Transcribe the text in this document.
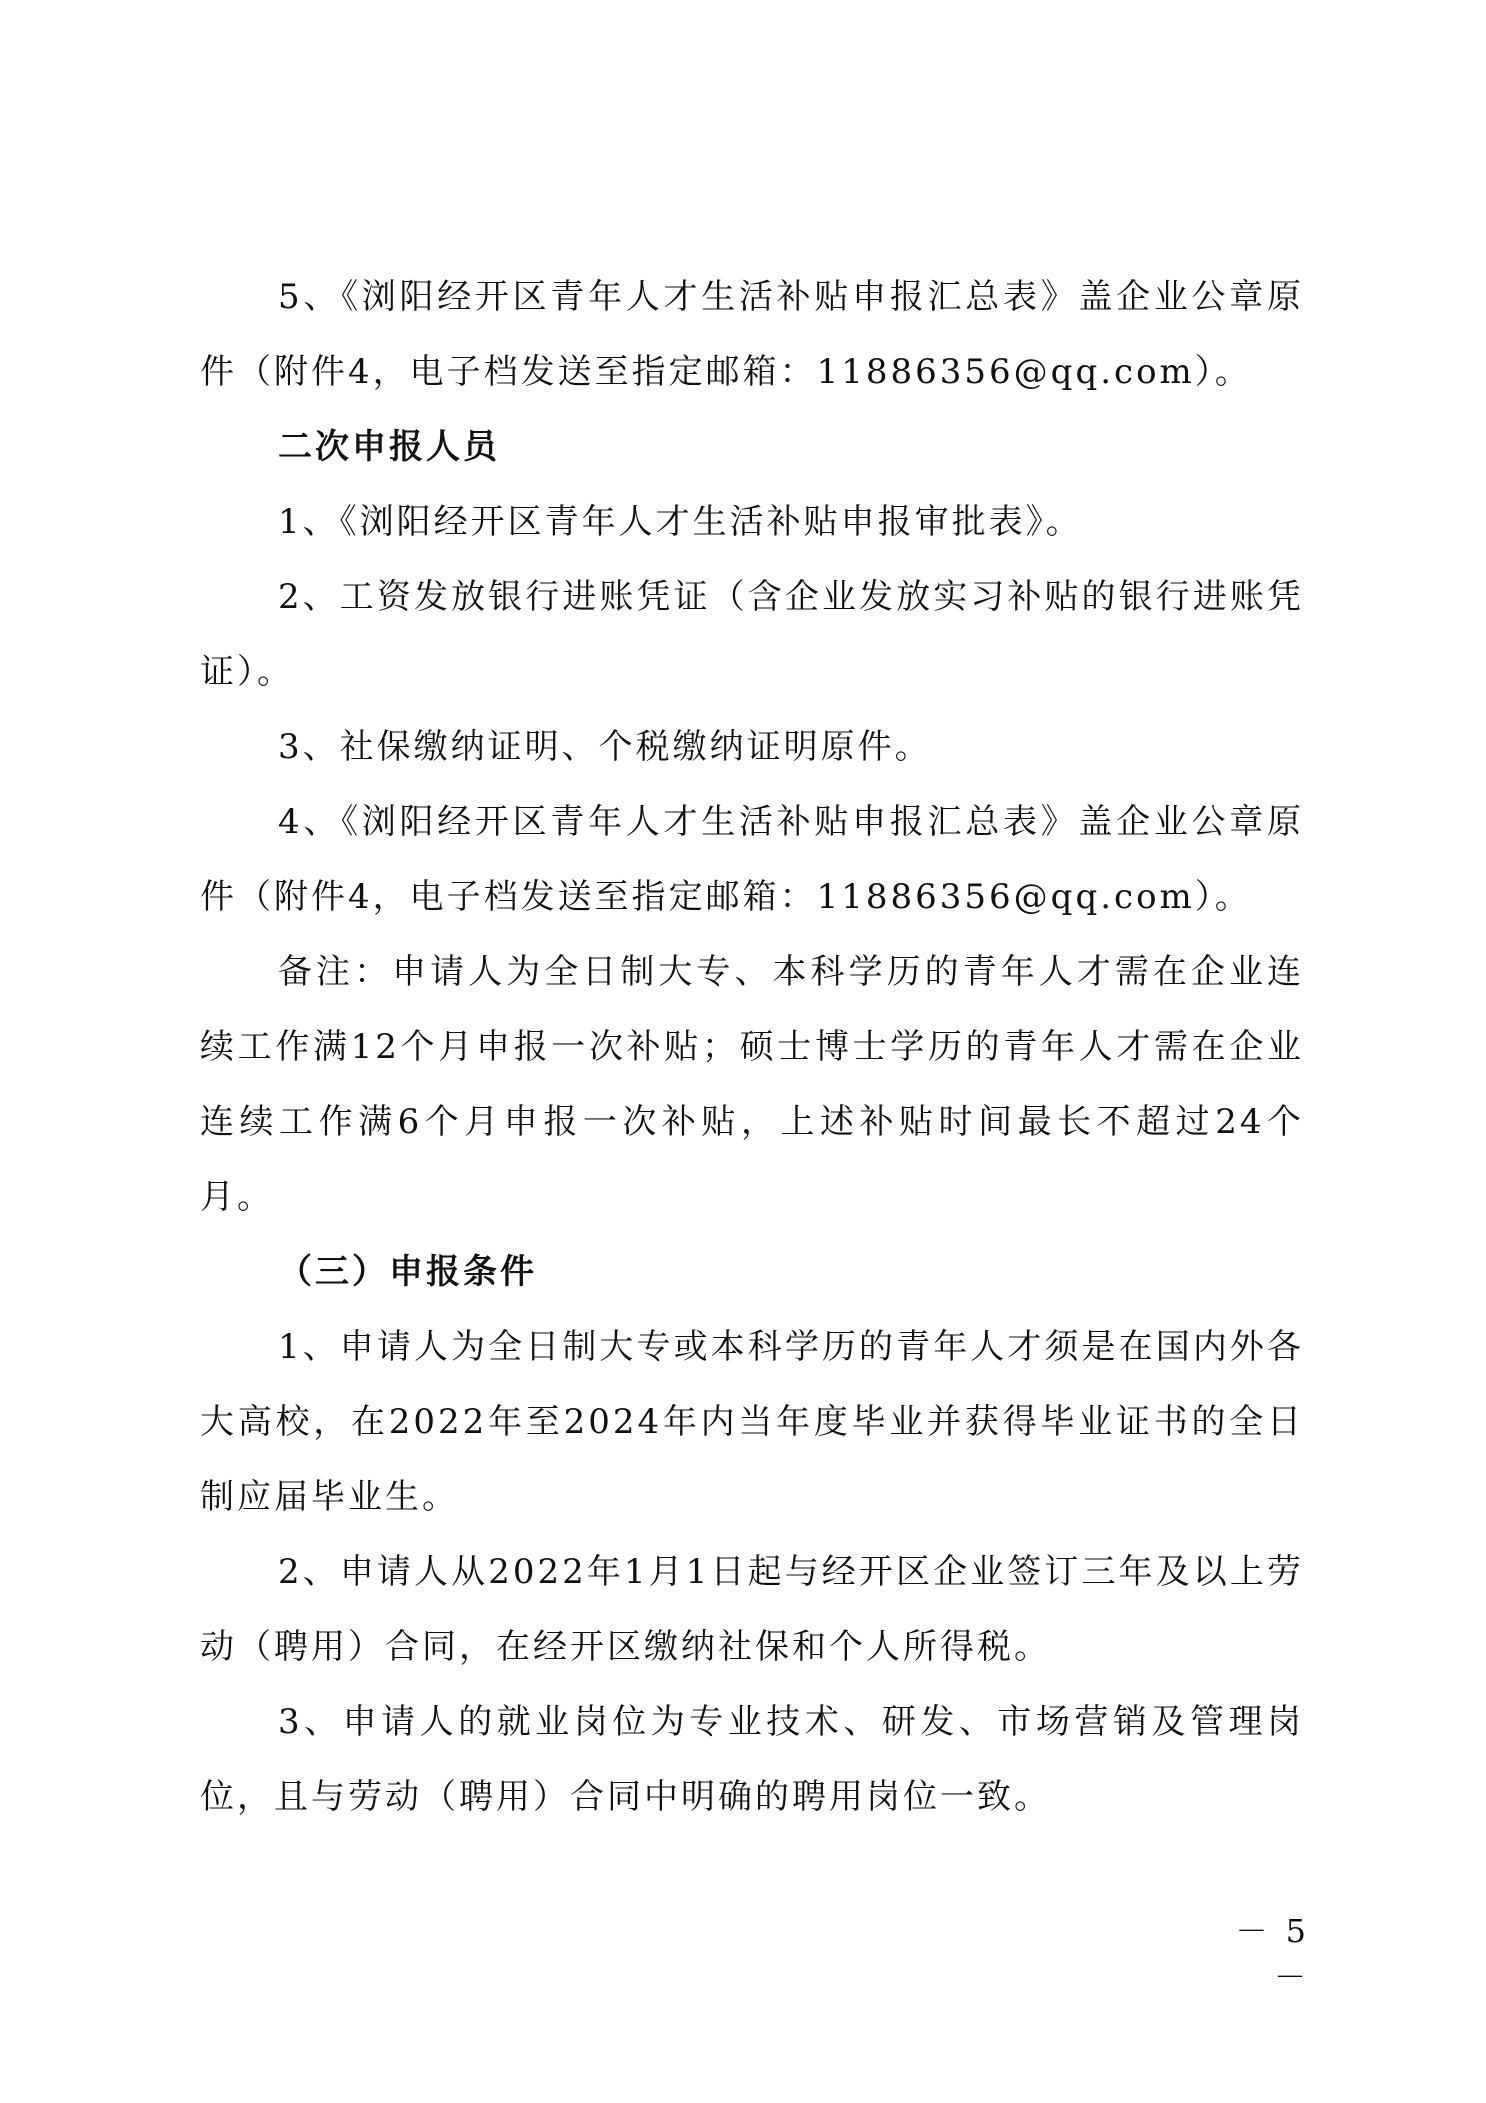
5、《浏阳经开区青年人才生活补贴申报汇总表》盖企业公章原件（附件4，电子档发送至指定邮箱：11886356@qq.com）。

二次申报人员

1、《浏阳经开区青年人才生活补贴申报审批表》。

2、工资发放银行进账凭证（含企业发放实习补贴的银行进账凭证）。

3、社保缴纳证明、个税缴纳证明原件。

4、《浏阳经开区青年人才生活补贴申报汇总表》盖企业公章原件（附件4，电子档发送至指定邮箱：11886356@qq.com）。

备注：申请人为全日制大专、本科学历的青年人才需在企业连续工作满12个月申报一次补贴；硕士博士学历的青年人才需在企业连续工作满6个月申报一次补贴，上述补贴时间最长不超过24个月。

（三）申报条件

1、申请人为全日制大专或本科学历的青年人才须是在国内外各大高校，在2022年至2024年内当年度毕业并获得毕业证书的全日制应届毕业生。

2、申请人从2022年1月1日起与经开区企业签订三年及以上劳动（聘用）合同，在经开区缴纳社保和个人所得税。

3、申请人的就业岗位为专业技术、研发、市场营销及管理岗位，且与劳动（聘用）合同中明确的聘用岗位一致。

－ 5 －
